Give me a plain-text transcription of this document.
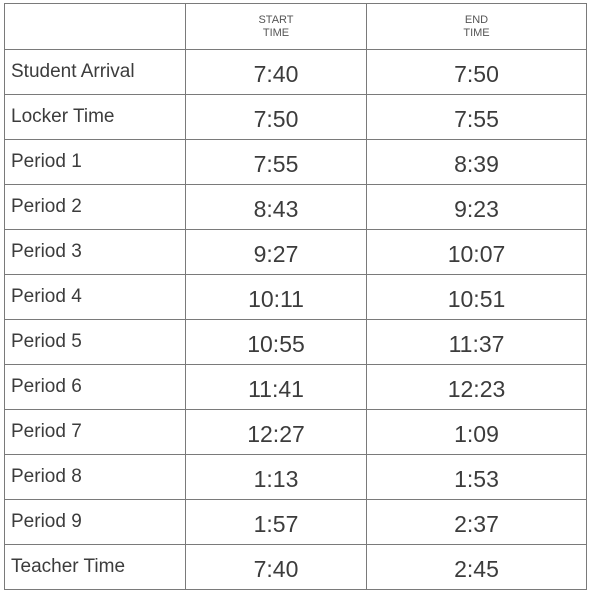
	START TIME	END TIME
Student Arrival	7:40	7:50
Locker Time	7:50	7:55
Period 1	7:55	8:39
Period 2	8:43	9:23
Period 3	9:27	10:07
Period 4	10:11	10:51
Period 5	10:55	11:37
Period 6	11:41	12:23
Period 7	12:27	1:09
Period 8	1:13	1:53
Period 9	1:57	2:37
Teacher Time	7:40	2:45
